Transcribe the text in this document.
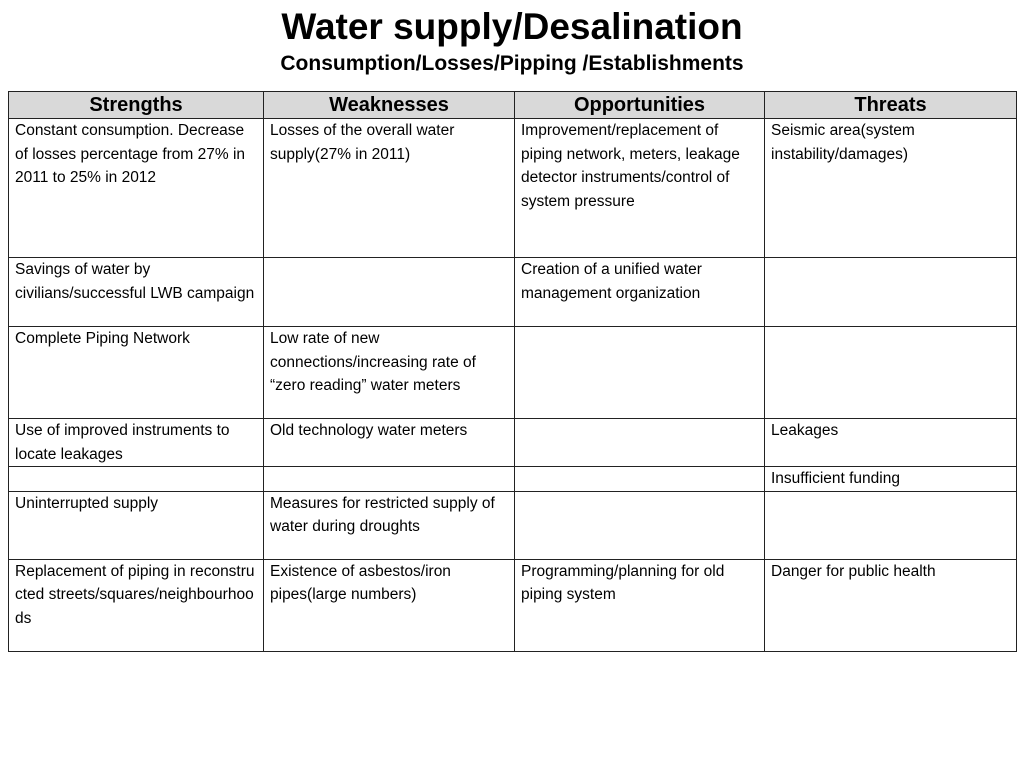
Water supply/Desalination
Consumption/Losses/Pipping /Establishments
Strengths	Weaknesses	Opportunities	Threats
Constant consumption. Decrease of losses percentage from 27% in 2011 to 25% in 2012	Losses of the overall water supply(27% in 2011)	Improvement/replacement of piping network, meters, leakage detector instruments/control of system pressure	Seismic area(system instability/damages)
Savings of water by civilians/successful LWB campaign		Creation of a unified water management organization	
Complete Piping Network	Low rate of new connections/increasing rate of “zero reading” water meters		
Use of improved instruments to locate leakages	Old technology water meters		Leakages
			Insufficient funding
Uninterrupted supply	Measures for restricted supply of water during droughts		
Replacement of piping in reconstructed streets/squares/neighbourhoods	Existence of asbestos/iron pipes(large numbers)	Programming/planning for old piping system	Danger for public health
